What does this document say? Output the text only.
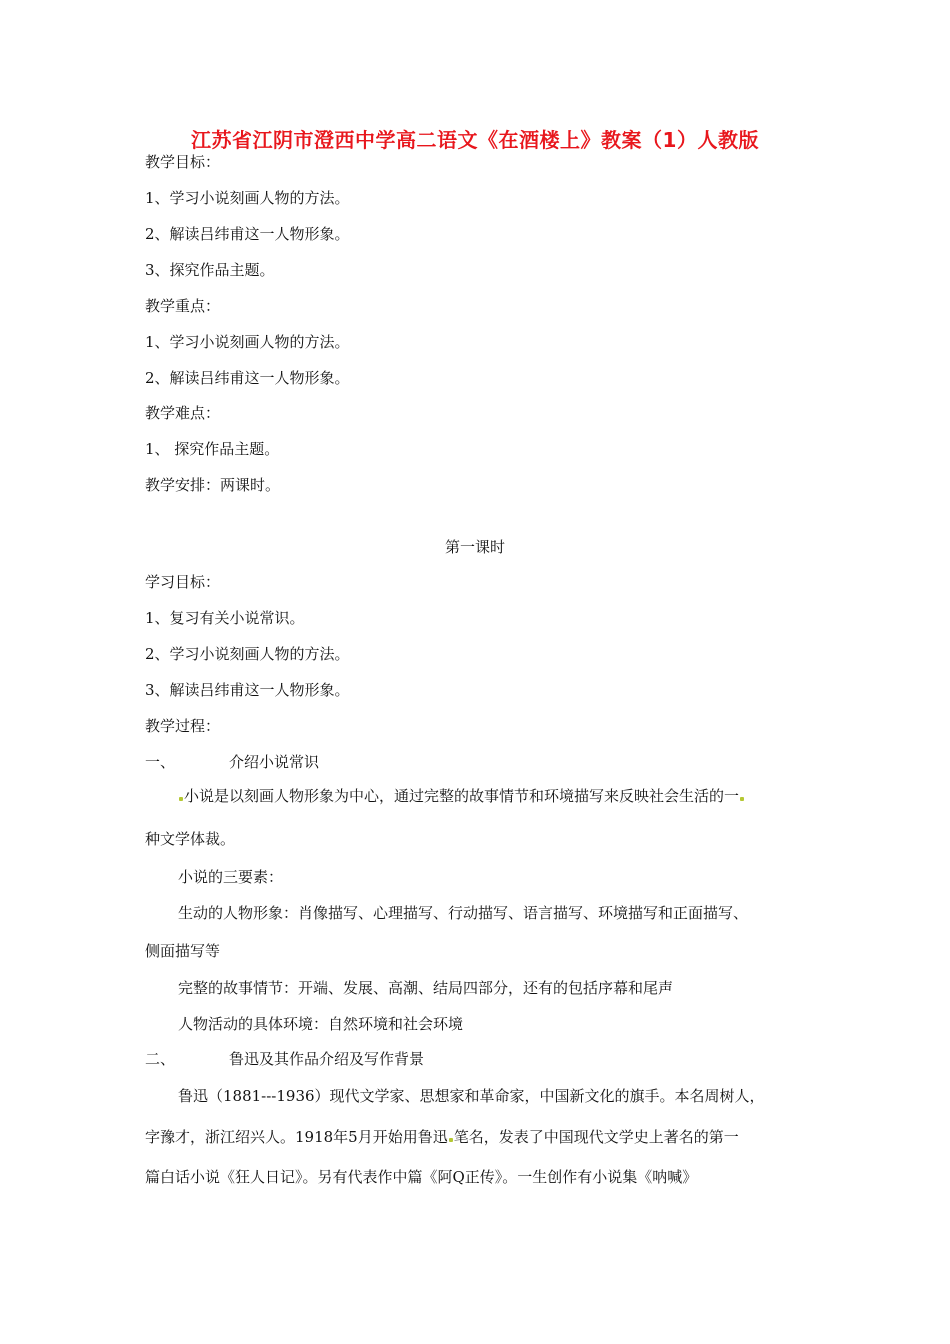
江苏省江阴市澄西中学高二语文《在酒楼上》教案（1）人教版
教学目标：
1、学习小说刻画人物的方法。
2、解读吕纬甫这一人物形象。
3、探究作品主题。
教学重点：
1、学习小说刻画人物的方法。
2、解读吕纬甫这一人物形象。
教学难点：
1、 探究作品主题。
教学安排：两课时。
第一课时
学习目标：
1、复习有关小说常识。
2、学习小说刻画人物的方法。
3、解读吕纬甫这一人物形象。
教学过程：
一、	介绍小说常识
小说是以刻画人物形象为中心，通过完整的故事情节和环境描写来反映社会生活的一
种文学体裁。
小说的三要素：
生动的人物形象：肖像描写、心理描写、行动描写、语言描写、环境描写和正面描写、
侧面描写等
完整的故事情节：开端、发展、高潮、结局四部分，还有的包括序幕和尾声
人物活动的具体环境：自然环境和社会环境
二、	鲁迅及其作品介绍及写作背景
鲁迅（1881---1936）现代文学家、思想家和革命家，中国新文化的旗手。本名周树人，
字豫才，浙江绍兴人。1918年5月开始用鲁迅 笔名，发表了中国现代文学史上著名的第一
篇白话小说《狂人日记》。另有代表作中篇《阿Q正传》。一生创作有小说集《呐喊》
